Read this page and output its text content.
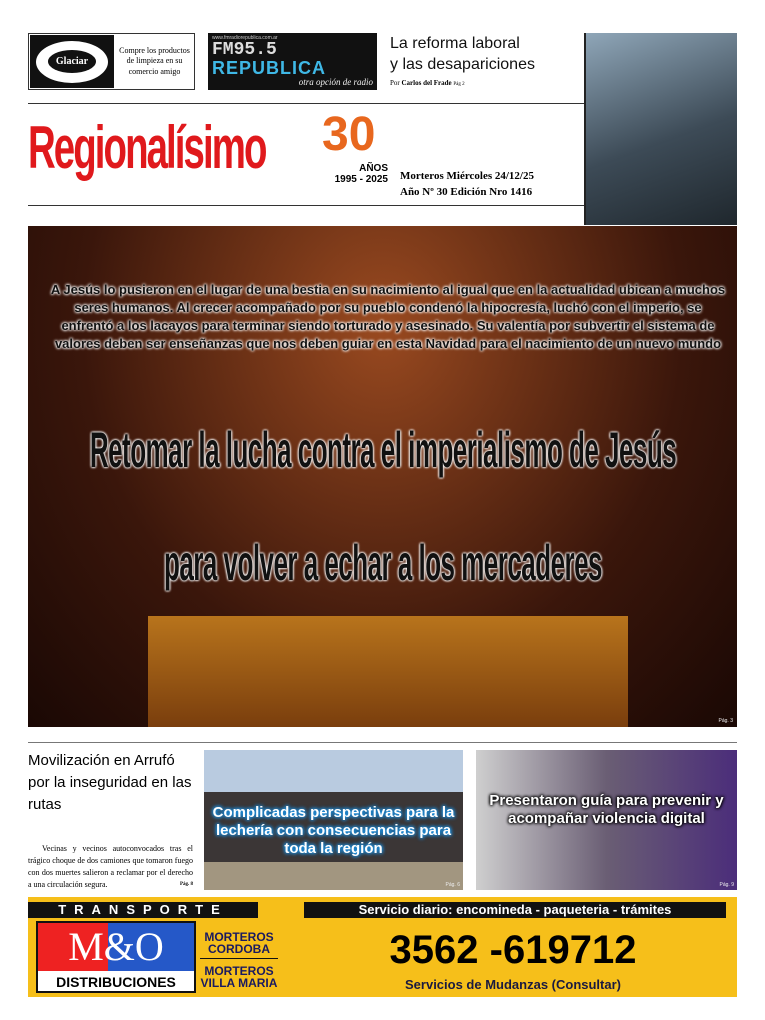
Glaciar
Compre los productos de limpieza en su comercio amigo
www.fmradiorepublica.com.ar
FM95.5
REPUBLICA
otra opción de radio
La reforma laboral
y las desapariciones
Por Carlos del Frade Pág 2
Regionalísimo 30
AÑOS
1995 - 2025 Morteros Miércoles 24/12/25
Año Nº 30 Edición Nro 1416
A Jesús lo pusieron en el lugar de una bestia en su nacimiento al igual que en la actualidad ubican a muchos seres humanos. Al crecer acompañado por su pueblo condenó la hipocresía, luchó con el imperio, se enfrentó a los lacayos para terminar siendo torturado y asesinado. Su valentía por subvertir el sistema de valores deben ser enseñanzas que nos deben guiar en esta Navidad para el nacimiento de un nuevo mundo
Retomar la lucha contra el imperialismo de Jesús
para volver a echar a los mercaderes
Pág. 3
Movilización en Arrufó por la inseguridad en las rutas

Vecinas y vecinos autoconvocados tras el trágico choque de dos camiones que tomaron fuego con dos muertes salieron a reclamar por el derecho a una circulación segura.	Pág. 8

Complicadas perspectivas para la lechería con consecuencias para toda la región
Pág. 6
Presentaron guía para prevenir y acompañar violencia digital
Pág. 9
TRANSPORTE	Servicio diario: encomineda - paqueteria - trámites
M&O
DISTRIBUCIONES
MORTEROS
CORDOBA
MORTEROS
VILLA MARIA
3562 -619712
Servicios de Mudanzas (Consultar)
